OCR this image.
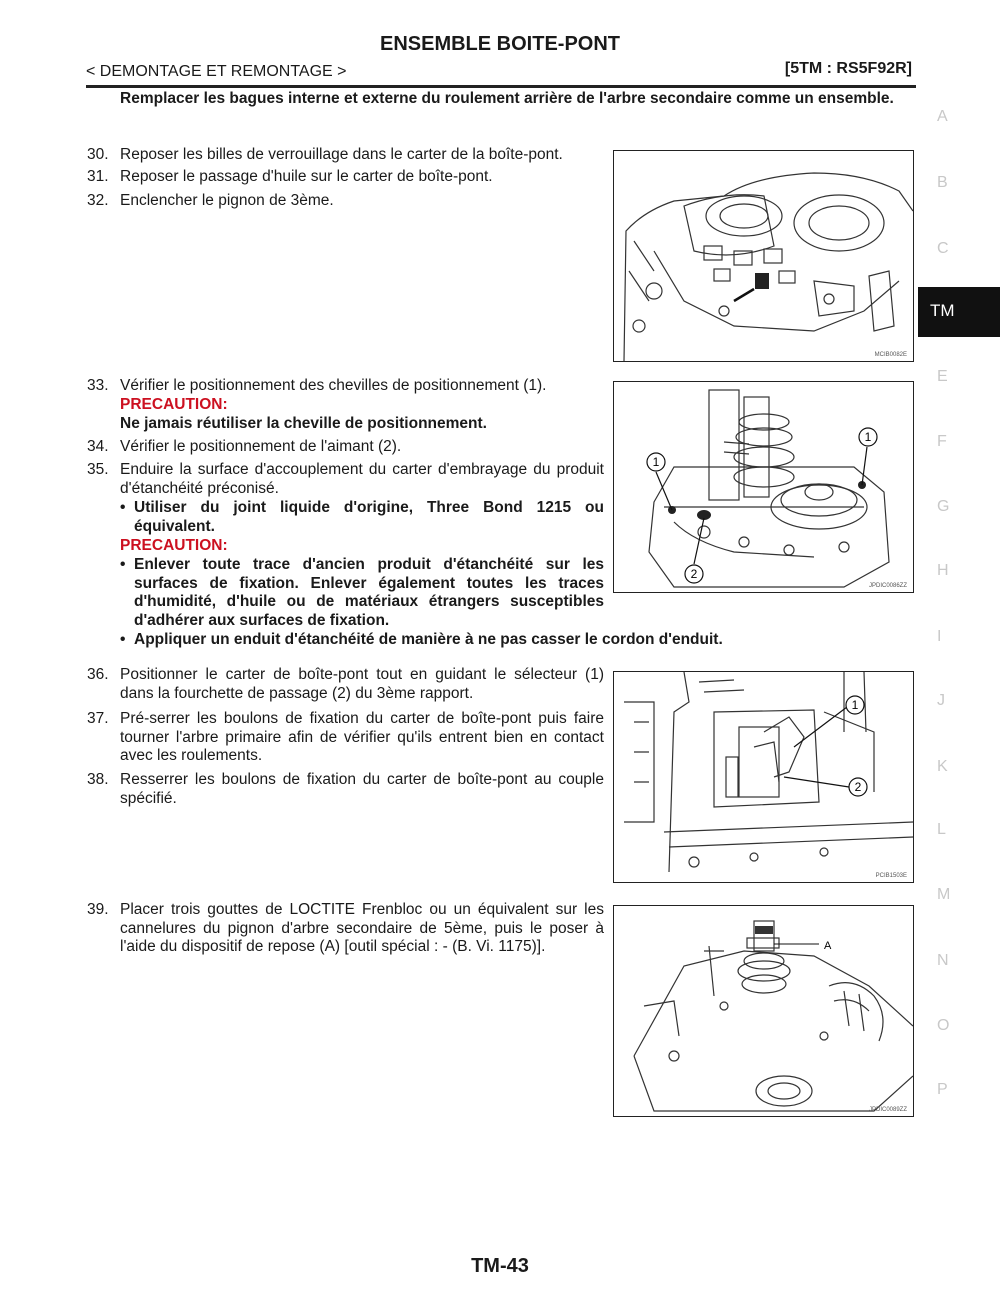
ENSEMBLE BOITE-PONT
< DEMONTAGE ET REMONTAGE >	[5TM : RS5F92R]
Remplacer les bagues interne et externe du roulement arrière de l'arbre secondaire comme un ensemble.
30. Reposer les billes de verrouillage dans le carter de la boîte-pont.
31. Reposer le passage d'huile sur le carter de boîte-pont.
32. Enclencher le pignon de 3ème.
MCIB0082E
33. Vérifier le positionnement des chevilles de positionnement (1).
PRECAUTION:
Ne jamais réutiliser la cheville de positionnement.
34. Vérifier le positionnement de l'aimant (2).
35. Enduire la surface d'accouplement du carter d'embrayage du produit d'étanchéité préconisé.
• Utiliser du joint liquide d'origine, Three Bond 1215 ou équivalent.
PRECAUTION:
• Enlever toute trace d'ancien produit d'étanchéité sur les surfaces de fixation. Enlever également toutes les traces d'humidité, d'huile ou de matériaux étrangers susceptibles d'adhérer aux surfaces de fixation.
• Appliquer un enduit d'étanchéité de manière à ne pas casser le cordon d'enduit.
1
1
2
JPDIC0086ZZ
36. Positionner le carter de boîte-pont tout en guidant le sélecteur (1) dans la fourchette de passage (2) du 3ème rapport.
37. Pré-serrer les boulons de fixation du carter de boîte-pont puis faire tourner l'arbre primaire afin de vérifier qu'ils entrent bien en contact avec les roulements.
38. Resserrer les boulons de fixation du carter de boîte-pont au couple spécifié.
1
2
PCIB1503E
39. Placer trois gouttes de LOCTITE Frenbloc ou un équivalent sur les cannelures du pignon d'arbre secondaire de 5ème, puis le poser à l'aide du dispositif de repose (A) [outil spécial : - (B. Vi. 1175)].	A
JPDIC0089ZZ
A
B
C
TM
E
F
G
H
I
J
K
L
M
N
O
P
TM-43
